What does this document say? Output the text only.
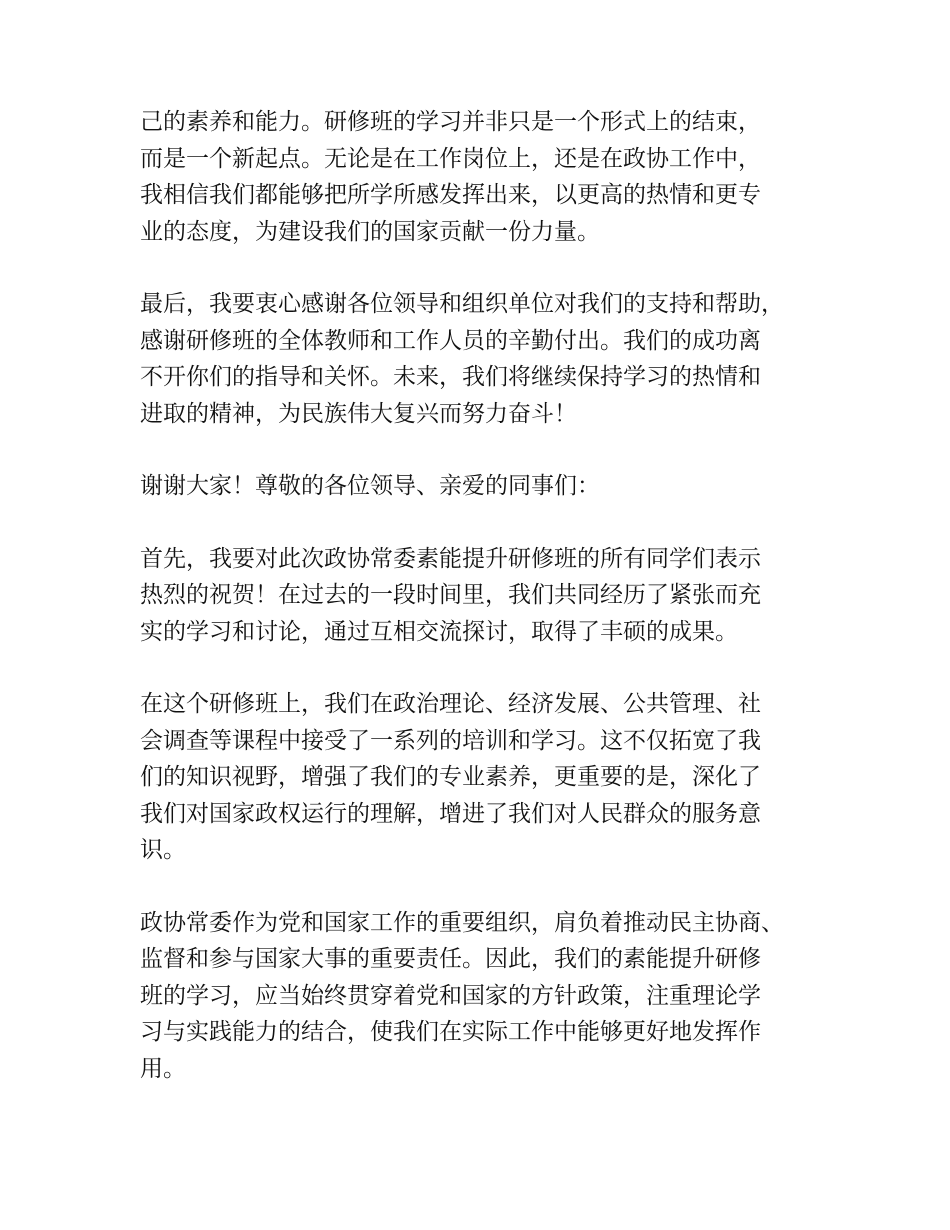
己的素养和能力。研修班的学习并非只是一个形式上的结束，
而是一个新起点。无论是在工作岗位上，还是在政协工作中，
我相信我们都能够把所学所感发挥出来，以更高的热情和更专
业的态度，为建设我们的国家贡献一份力量。

最后，我要衷心感谢各位领导和组织单位对我们的支持和帮助，
感谢研修班的全体教师和工作人员的辛勤付出。我们的成功离
不开你们的指导和关怀。未来，我们将继续保持学习的热情和
进取的精神，为民族伟大复兴而努力奋斗！

谢谢大家！尊敬的各位领导、亲爱的同事们：

首先，我要对此次政协常委素能提升研修班的所有同学们表示
热烈的祝贺！在过去的一段时间里，我们共同经历了紧张而充
实的学习和讨论，通过互相交流探讨，取得了丰硕的成果。

在这个研修班上，我们在政治理论、经济发展、公共管理、社
会调查等课程中接受了一系列的培训和学习。这不仅拓宽了我
们的知识视野，增强了我们的专业素养，更重要的是，深化了
我们对国家政权运行的理解，增进了我们对人民群众的服务意
识。

政协常委作为党和国家工作的重要组织，肩负着推动民主协商、
监督和参与国家大事的重要责任。因此，我们的素能提升研修
班的学习，应当始终贯穿着党和国家的方针政策，注重理论学
习与实践能力的结合，使我们在实际工作中能够更好地发挥作
用。
